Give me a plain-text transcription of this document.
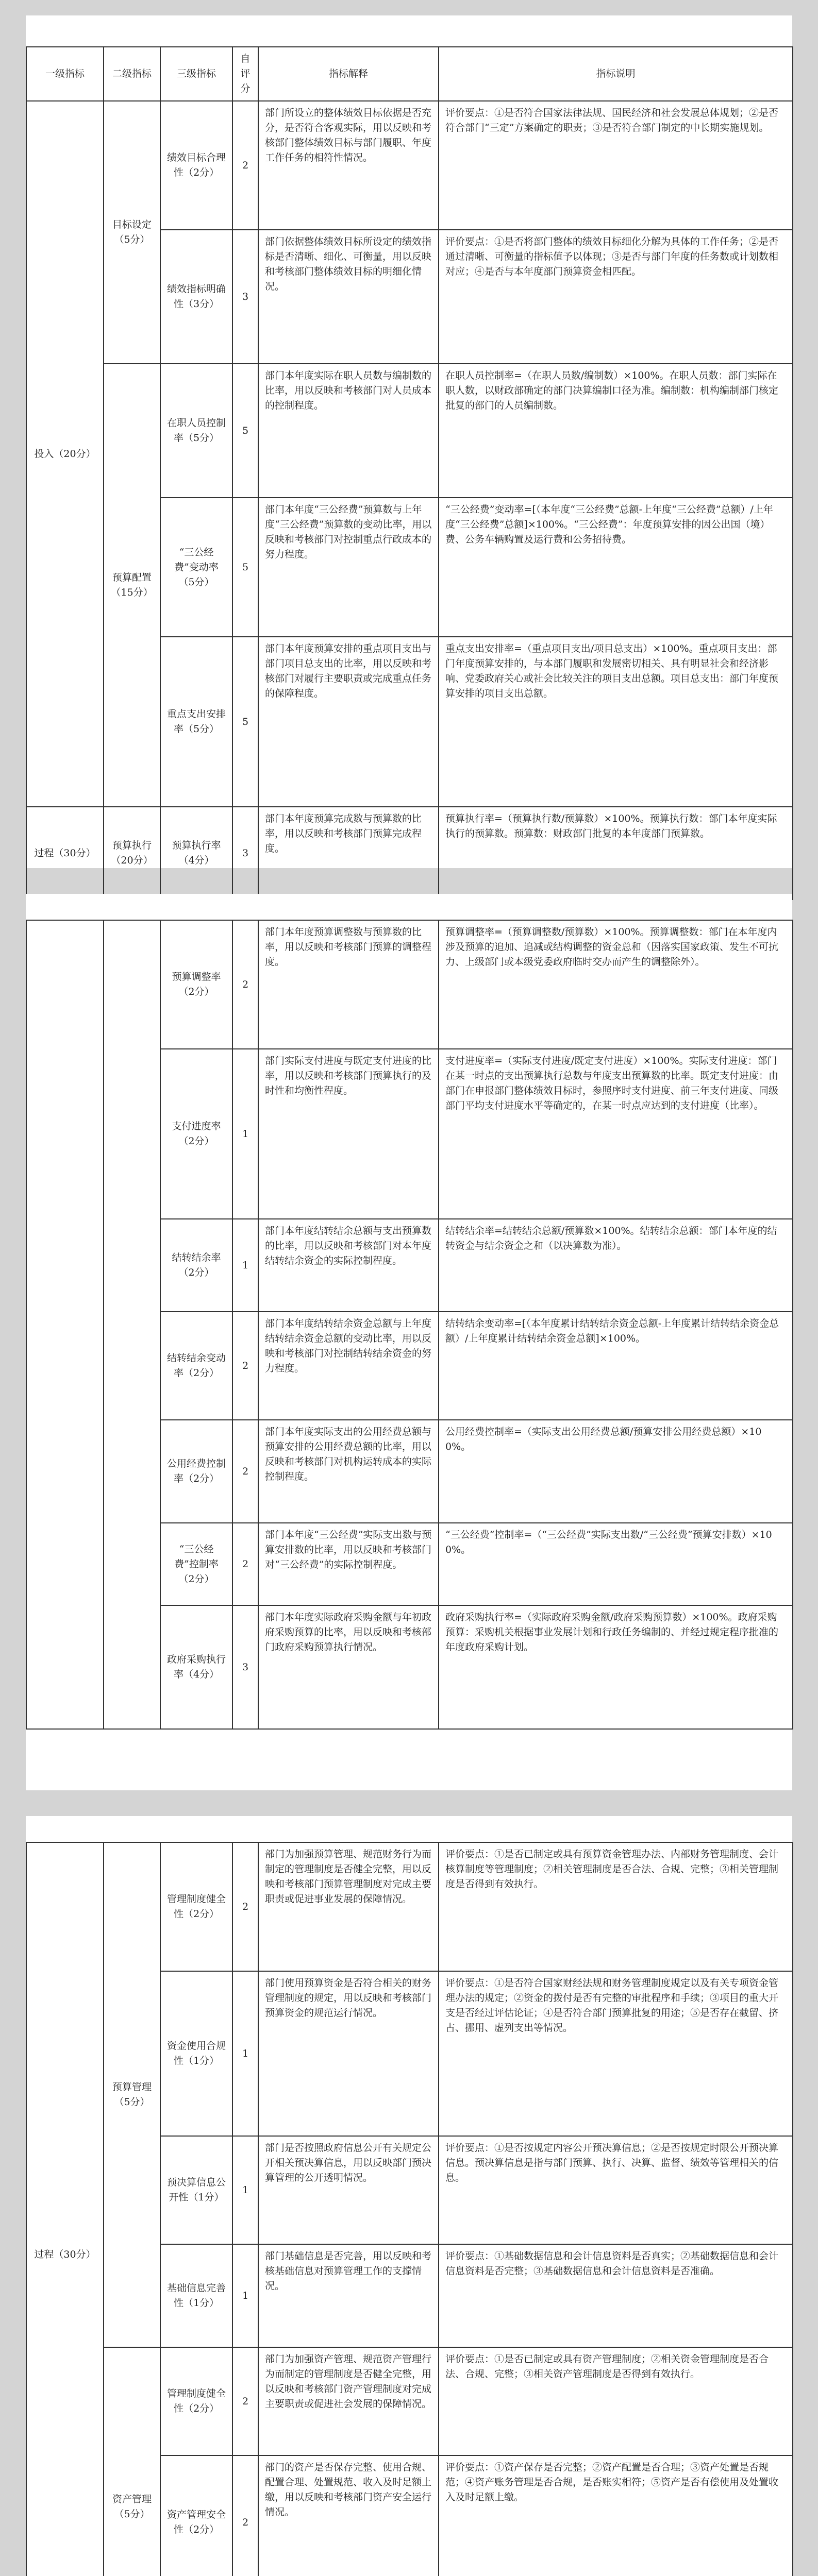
一级指标	二级指标	三级指标	自评分	指标解释	指标说明
投入（20分）	目标设定（5分）	绩效目标合理性（2分）	2	部门所设立的整体绩效目标依据是否充分，是否符合客观实际，用以反映和考核部门整体绩效目标与部门履职、年度工作任务的相符性情况。	评价要点：①是否符合国家法律法规、国民经济和社会发展总体规划；②是否符合部门“三定”方案确定的职责；③是否符合部门制定的中长期实施规划。
		绩效指标明确性（3分）	3	部门依据整体绩效目标所设定的绩效指标是否清晰、细化、可衡量，用以反映和考核部门整体绩效目标的明细化情况。	评价要点：①是否将部门整体的绩效目标细化分解为具体的工作任务；②是否通过清晰、可衡量的指标值予以体现；③是否与部门年度的任务数或计划数相对应；④是否与本年度部门预算资金相匹配。
	预算配置（15分）	在职人员控制率（5分）	5	部门本年度实际在职人员数与编制数的比率，用以反映和考核部门对人员成本的控制程度。	在职人员控制率=（在职人员数/编制数）×100%。在职人员数：部门实际在职人数，以财政部确定的部门决算编制口径为准。编制数：机构编制部门核定批复的部门的人员编制数。
		“三公经费”变动率（5分）	5	部门本年度“三公经费”预算数与上年度“三公经费”预算数的变动比率，用以反映和考核部门对控制重点行政成本的努力程度。	“三公经费”变动率=[（本年度“三公经费”总额-上年度“三公经费”总额）/上年度“三公经费”总额]×100%。“三公经费”：年度预算安排的因公出国（境）费、公务车辆购置及运行费和公务招待费。
		重点支出安排率（5分）	5	部门本年度预算安排的重点项目支出与部门项目总支出的比率，用以反映和考核部门对履行主要职责或完成重点任务的保障程度。	重点支出安排率=（重点项目支出/项目总支出）×100%。重点项目支出：部门年度预算安排的，与本部门履职和发展密切相关、具有明显社会和经济影响、党委政府关心或社会比较关注的项目支出总额。项目总支出：部门年度预算安排的项目支出总额。
过程（30分）	预算执行（20分）	预算执行率（4分）	3	部门本年度预算完成数与预算数的比率，用以反映和考核部门预算完成程度。	预算执行率=（预算执行数/预算数）×100%。预算执行数：部门本年度实际执行的预算数。预算数：财政部门批复的本年度部门预算数。
		预算调整率（2分）	2	部门本年度预算调整数与预算数的比率，用以反映和考核部门预算的调整程度。	预算调整率=（预算调整数/预算数）×100%。预算调整数：部门在本年度内涉及预算的追加、追减或结构调整的资金总和（因落实国家政策、发生不可抗力、上级部门或本级党委政府临时交办而产生的调整除外）。
		支付进度率（2分）	1	部门实际支付进度与既定支付进度的比率，用以反映和考核部门预算执行的及时性和均衡性程度。	支付进度率=（实际支付进度/既定支付进度）×100%。实际支付进度：部门在某一时点的支出预算执行总数与年度支出预算数的比率。既定支付进度：由部门在申报部门整体绩效目标时，参照序时支付进度、前三年支付进度、同级部门平均支付进度水平等确定的，在某一时点应达到的支付进度（比率）。
		结转结余率（2分）	1	部门本年度结转结余总额与支出预算数的比率，用以反映和考核部门对本年度结转结余资金的实际控制程度。	结转结余率=结转结余总额/预算数×100%。结转结余总额：部门本年度的结转资金与结余资金之和（以决算数为准）。
		结转结余变动率（2分）	2	部门本年度结转结余资金总额与上年度结转结余资金总额的变动比率，用以反映和考核部门对控制结转结余资金的努力程度。	结转结余变动率=[（本年度累计结转结余资金总额-上年度累计结转结余资金总额）/上年度累计结转结余资金总额]×100%。
		公用经费控制率（2分）	2	部门本年度实际支出的公用经费总额与预算安排的公用经费总额的比率，用以反映和考核部门对机构运转成本的实际控制程度。	公用经费控制率=（实际支出公用经费总额/预算安排公用经费总额）×100%。
		“三公经费”控制率（2分）	2	部门本年度“三公经费”实际支出数与预算安排数的比率，用以反映和考核部门对“三公经费”的实际控制程度。	“三公经费”控制率=（“三公经费”实际支出数/“三公经费”预算安排数）×100%。
		政府采购执行率（4分）	3	部门本年度实际政府采购金额与年初政府采购预算的比率，用以反映和考核部门政府采购预算执行情况。	政府采购执行率=（实际政府采购金额/政府采购预算数）×100%。政府采购预算：采购机关根据事业发展计划和行政任务编制的、并经过规定程序批准的年度政府采购计划。
过程（30分）	预算管理（5分）	管理制度健全性（2分）	2	部门为加强预算管理、规范财务行为而制定的管理制度是否健全完整，用以反映和考核部门预算管理制度对完成主要职责或促进事业发展的保障情况。	评价要点：①是否已制定或具有预算资金管理办法、内部财务管理制度、会计核算制度等管理制度；②相关管理制度是否合法、合规、完整；③相关管理制度是否得到有效执行。
		资金使用合规性（1分）	1	部门使用预算资金是否符合相关的财务管理制度的规定，用以反映和考核部门预算资金的规范运行情况。	评价要点：①是否符合国家财经法规和财务管理制度规定以及有关专项资金管理办法的规定；②资金的拨付是否有完整的审批程序和手续；③项目的重大开支是否经过评估论证；④是否符合部门预算批复的用途；⑤是否存在截留、挤占、挪用、虚列支出等情况。
		预决算信息公开性（1分）	1	部门是否按照政府信息公开有关规定公开相关预决算信息，用以反映部门预决算管理的公开透明情况。	评价要点：①是否按规定内容公开预决算信息；②是否按规定时限公开预决算信息。预决算信息是指与部门预算、执行、决算、监督、绩效等管理相关的信息。
		基础信息完善性（1分）	1	部门基础信息是否完善，用以反映和考核基础信息对预算管理工作的支撑情况。	评价要点：①基础数据信息和会计信息资料是否真实；②基础数据信息和会计信息资料是否完整；③基础数据信息和会计信息资料是否准确。
	资产管理（5分）	管理制度健全性（2分）	2	部门为加强资产管理、规范资产管理行为而制定的管理制度是否健全完整，用以反映和考核部门资产管理制度对完成主要职责或促进社会发展的保障情况。	评价要点：①是否已制定或具有资产管理制度；②相关资金管理制度是否合法、合规、完整；③相关资产管理制度是否得到有效执行。
		资产管理安全性（2分）	2	部门的资产是否保存完整、使用合规、配置合理、处置规范、收入及时足额上缴，用以反映和考核部门资产安全运行情况。	评价要点：①资产保存是否完整；②资产配置是否合理；③资产处置是否规范；④资产账务管理是否合规，是否账实相符；⑤资产是否有偿使用及处置收入及时足额上缴。
